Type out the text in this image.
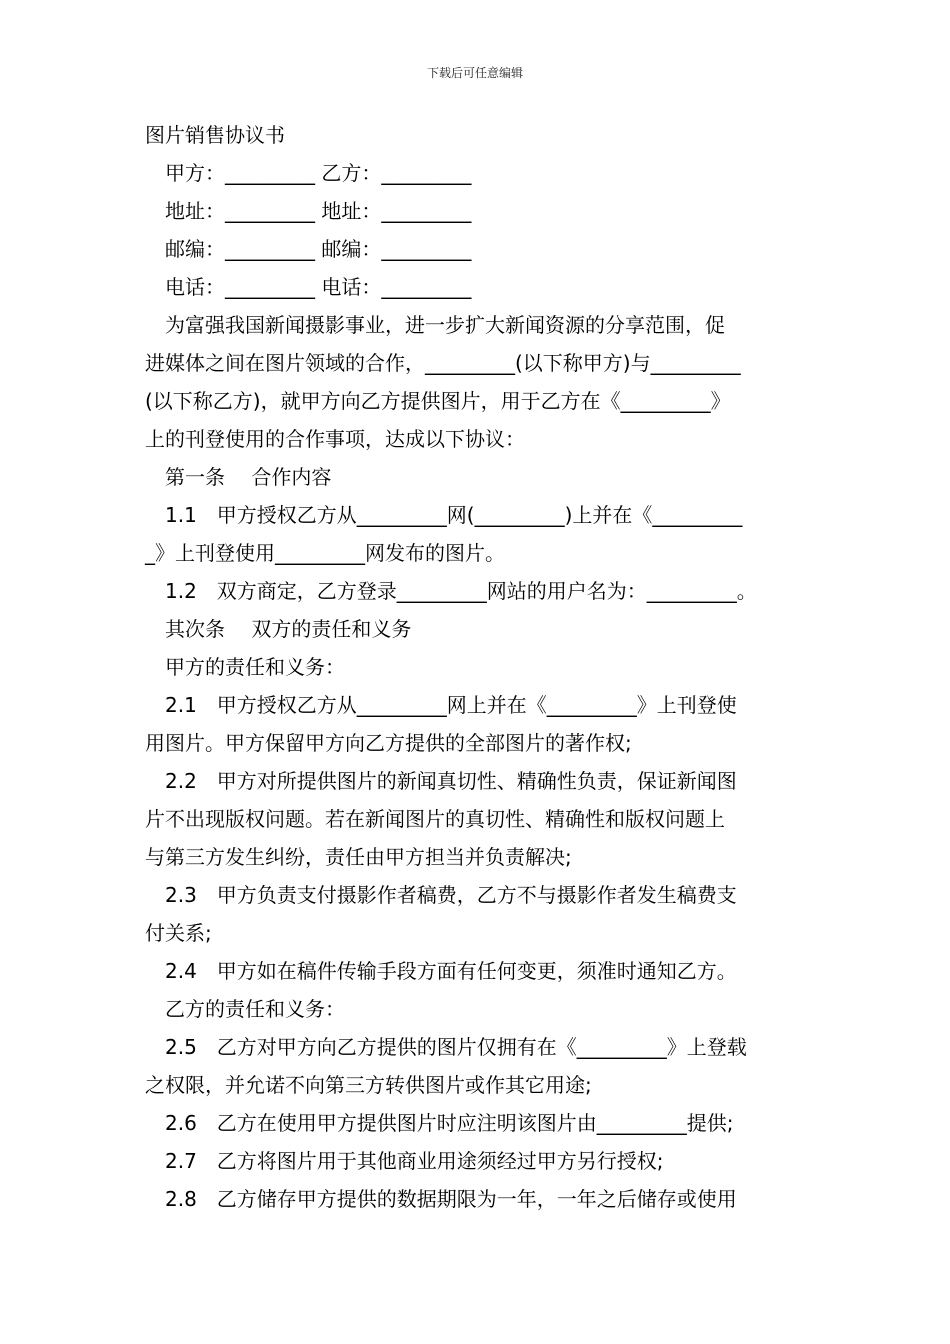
下载后可任意编辑
图片销售协议书
甲方：_________ 乙方：_________
地址：_________ 地址：_________
邮编：_________ 邮编：_________
电话：_________ 电话：_________
为富强我国新闻摄影事业，进一步扩大新闻资源的分享范围，促
进媒体之间在图片领域的合作，_________(以下称甲方)与_________
(以下称乙方)，就甲方向乙方提供图片，用于乙方在《_________》
上的刊登使用的合作事项，达成以下协议：
第一条　 合作内容
1.1　甲方授权乙方从_________网(_________)上并在《_________
_》上刊登使用_________网发布的图片。
1.2　双方商定，乙方登录_________网站的用户名为：_________。
其次条　 双方的责任和义务
甲方的责任和义务：
2.1　甲方授权乙方从_________网上并在《_________》上刊登使
用图片。甲方保留甲方向乙方提供的全部图片的著作权;
2.2　甲方对所提供图片的新闻真切性、精确性负责，保证新闻图
片不出现版权问题。若在新闻图片的真切性、精确性和版权问题上
与第三方发生纠纷，责任由甲方担当并负责解决;
2.3　甲方负责支付摄影作者稿费，乙方不与摄影作者发生稿费支
付关系;
2.4　甲方如在稿件传输手段方面有任何变更，须准时通知乙方。
乙方的责任和义务：
2.5　乙方对甲方向乙方提供的图片仅拥有在《_________》上登载
之权限，并允诺不向第三方转供图片或作其它用途;
2.6　乙方在使用甲方提供图片时应注明该图片由_________提供;
2.7　乙方将图片用于其他商业用途须经过甲方另行授权;
2.8　乙方储存甲方提供的数据期限为一年，一年之后储存或使用
